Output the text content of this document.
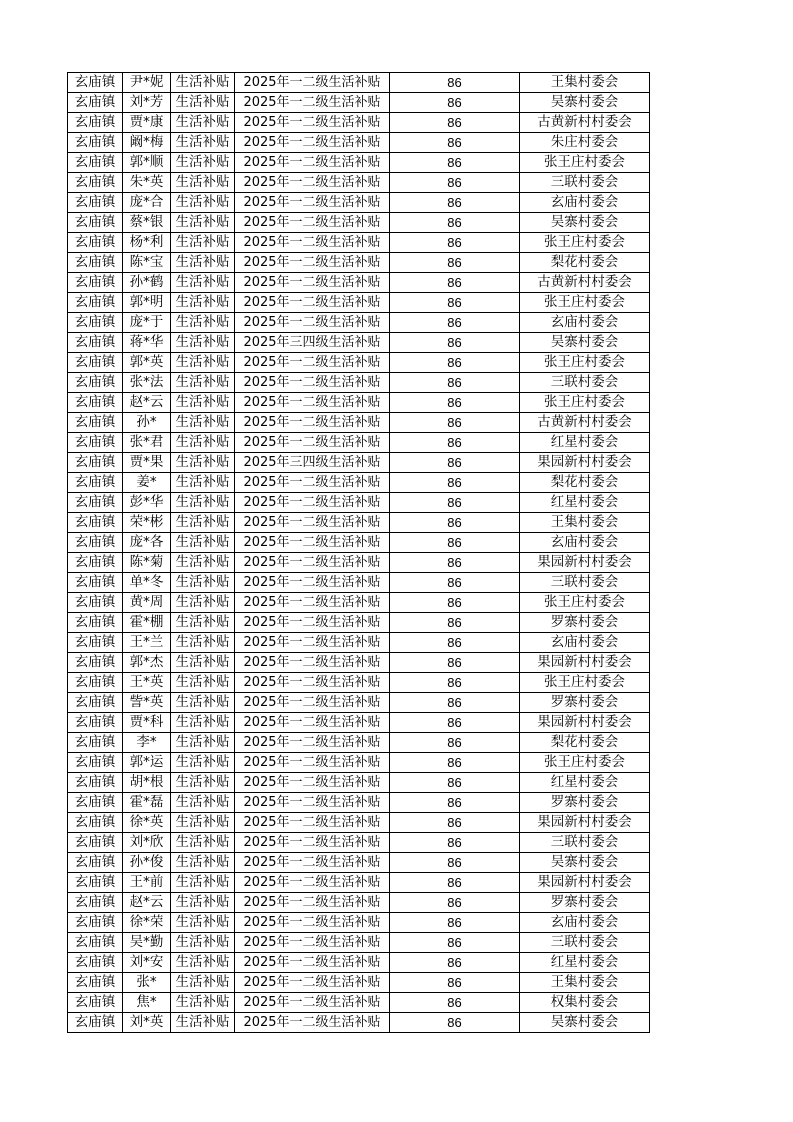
玄庙镇	尹*妮	生活补贴	2025年一二级生活补贴	86	王集村委会
玄庙镇	刘*芳	生活补贴	2025年一二级生活补贴	86	吴寨村委会
玄庙镇	贾*康	生活补贴	2025年一二级生活补贴	86	古黄新村村委会
玄庙镇	阚*梅	生活补贴	2025年一二级生活补贴	86	朱庄村委会
玄庙镇	郭*顺	生活补贴	2025年一二级生活补贴	86	张王庄村委会
玄庙镇	朱*英	生活补贴	2025年一二级生活补贴	86	三联村委会
玄庙镇	庞*合	生活补贴	2025年一二级生活补贴	86	玄庙村委会
玄庙镇	蔡*银	生活补贴	2025年一二级生活补贴	86	吴寨村委会
玄庙镇	杨*利	生活补贴	2025年一二级生活补贴	86	张王庄村委会
玄庙镇	陈*宝	生活补贴	2025年一二级生活补贴	86	梨花村委会
玄庙镇	孙*鹤	生活补贴	2025年一二级生活补贴	86	古黄新村村委会
玄庙镇	郭*明	生活补贴	2025年一二级生活补贴	86	张王庄村委会
玄庙镇	庞*于	生活补贴	2025年一二级生活补贴	86	玄庙村委会
玄庙镇	蒋*华	生活补贴	2025年三四级生活补贴	86	吴寨村委会
玄庙镇	郭*英	生活补贴	2025年一二级生活补贴	86	张王庄村委会
玄庙镇	张*法	生活补贴	2025年一二级生活补贴	86	三联村委会
玄庙镇	赵*云	生活补贴	2025年一二级生活补贴	86	张王庄村委会
玄庙镇	孙*	生活补贴	2025年一二级生活补贴	86	古黄新村村委会
玄庙镇	张*君	生活补贴	2025年一二级生活补贴	86	红星村委会
玄庙镇	贾*果	生活补贴	2025年三四级生活补贴	86	果园新村村委会
玄庙镇	姜*	生活补贴	2025年一二级生活补贴	86	梨花村委会
玄庙镇	彭*华	生活补贴	2025年一二级生活补贴	86	红星村委会
玄庙镇	荣*彬	生活补贴	2025年一二级生活补贴	86	王集村委会
玄庙镇	庞*各	生活补贴	2025年一二级生活补贴	86	玄庙村委会
玄庙镇	陈*菊	生活补贴	2025年一二级生活补贴	86	果园新村村委会
玄庙镇	单*冬	生活补贴	2025年一二级生活补贴	86	三联村委会
玄庙镇	黄*周	生活补贴	2025年一二级生活补贴	86	张王庄村委会
玄庙镇	霍*棚	生活补贴	2025年一二级生活补贴	86	罗寨村委会
玄庙镇	王*兰	生活补贴	2025年一二级生活补贴	86	玄庙村委会
玄庙镇	郭*杰	生活补贴	2025年一二级生活补贴	86	果园新村村委会
玄庙镇	王*英	生活补贴	2025年一二级生活补贴	86	张王庄村委会
玄庙镇	訾*英	生活补贴	2025年一二级生活补贴	86	罗寨村委会
玄庙镇	贾*科	生活补贴	2025年一二级生活补贴	86	果园新村村委会
玄庙镇	李*	生活补贴	2025年一二级生活补贴	86	梨花村委会
玄庙镇	郭*运	生活补贴	2025年一二级生活补贴	86	张王庄村委会
玄庙镇	胡*根	生活补贴	2025年一二级生活补贴	86	红星村委会
玄庙镇	霍*磊	生活补贴	2025年一二级生活补贴	86	罗寨村委会
玄庙镇	徐*英	生活补贴	2025年一二级生活补贴	86	果园新村村委会
玄庙镇	刘*欣	生活补贴	2025年一二级生活补贴	86	三联村委会
玄庙镇	孙*俊	生活补贴	2025年一二级生活补贴	86	吴寨村委会
玄庙镇	王*前	生活补贴	2025年一二级生活补贴	86	果园新村村委会
玄庙镇	赵*云	生活补贴	2025年一二级生活补贴	86	罗寨村委会
玄庙镇	徐*荣	生活补贴	2025年一二级生活补贴	86	玄庙村委会
玄庙镇	吴*勤	生活补贴	2025年一二级生活补贴	86	三联村委会
玄庙镇	刘*安	生活补贴	2025年一二级生活补贴	86	红星村委会
玄庙镇	张*	生活补贴	2025年一二级生活补贴	86	王集村委会
玄庙镇	焦*	生活补贴	2025年一二级生活补贴	86	权集村委会
玄庙镇	刘*英	生活补贴	2025年一二级生活补贴	86	吴寨村委会
